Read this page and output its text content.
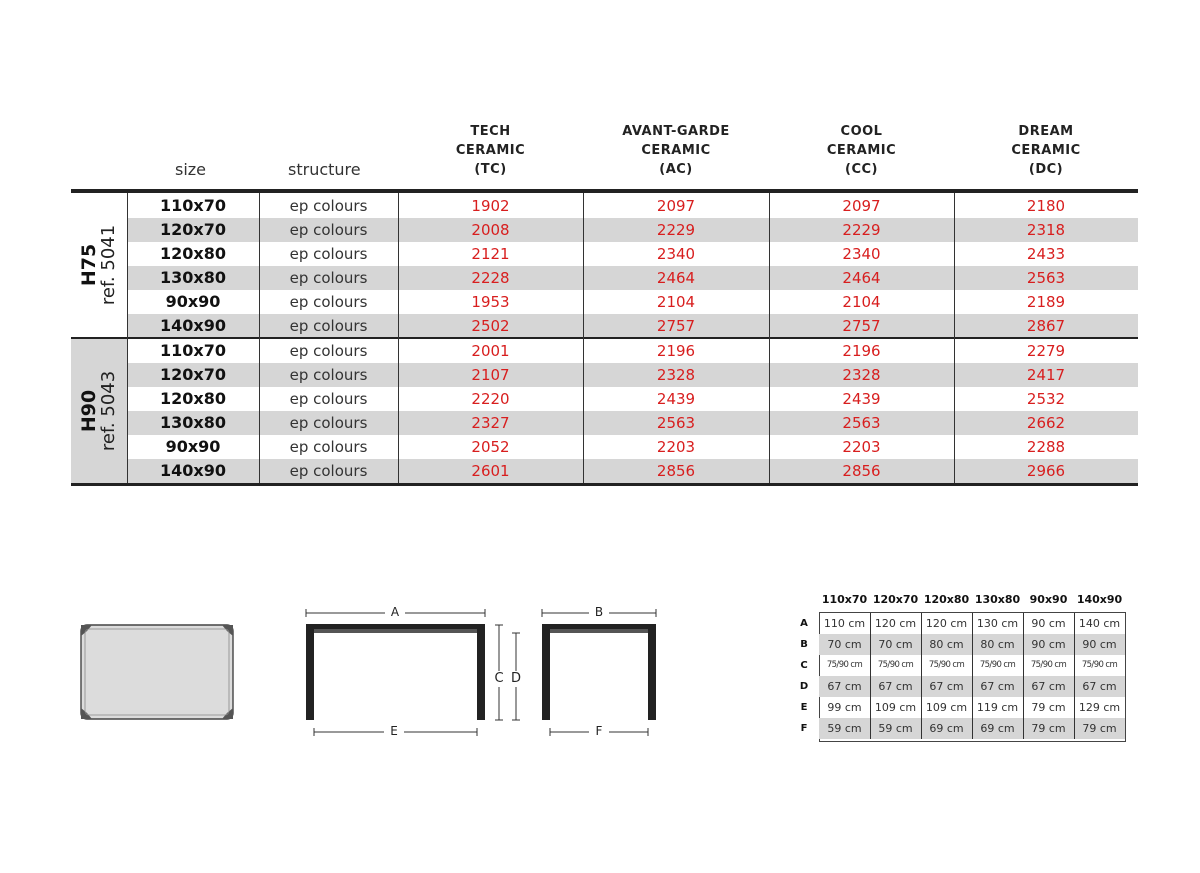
size	structure
TECH
CERAMIC
(TC)
AVANT-GARDE
CERAMIC
(AC)
COOL
CERAMIC
(CC)
DREAM
CERAMIC
(DC)
H75
ref. 5041
110x70	ep colours	1902	2097	2097	2180
120x70	ep colours	2008	2229	2229	2318
120x80	ep colours	2121	2340	2340	2433
130x80	ep colours	2228	2464	2464	2563
90x90	ep colours	1953	2104	2104	2189
140x90	ep colours	2502	2757	2757	2867
H90
ref. 5043
110x70	ep colours	2001	2196	2196	2279
120x70	ep colours	2107	2328	2328	2417
120x80	ep colours	2220	2439	2439	2532
130x80	ep colours	2327	2563	2563	2662
90x90	ep colours	2052	2203	2203	2288
140x90	ep colours	2601	2856	2856	2966
A	B
C D
E	F
110x70 120x70 120x80 130x80 90x90 140x90
A	110 cm 120 cm 120 cm 130 cm	90 cm	140 cm
B	70 cm	70 cm	80 cm	80 cm	90 cm	90 cm
C	75/90 cm	75/90 cm	75/90 cm	75/90 cm	75/90 cm	75/90 cm
D	67 cm	67 cm	67 cm	67 cm	67 cm	67 cm
E	99 cm	109 cm 109 cm 119 cm	79 cm	129 cm
F	59 cm	59 cm	69 cm	69 cm	79 cm	79 cm
